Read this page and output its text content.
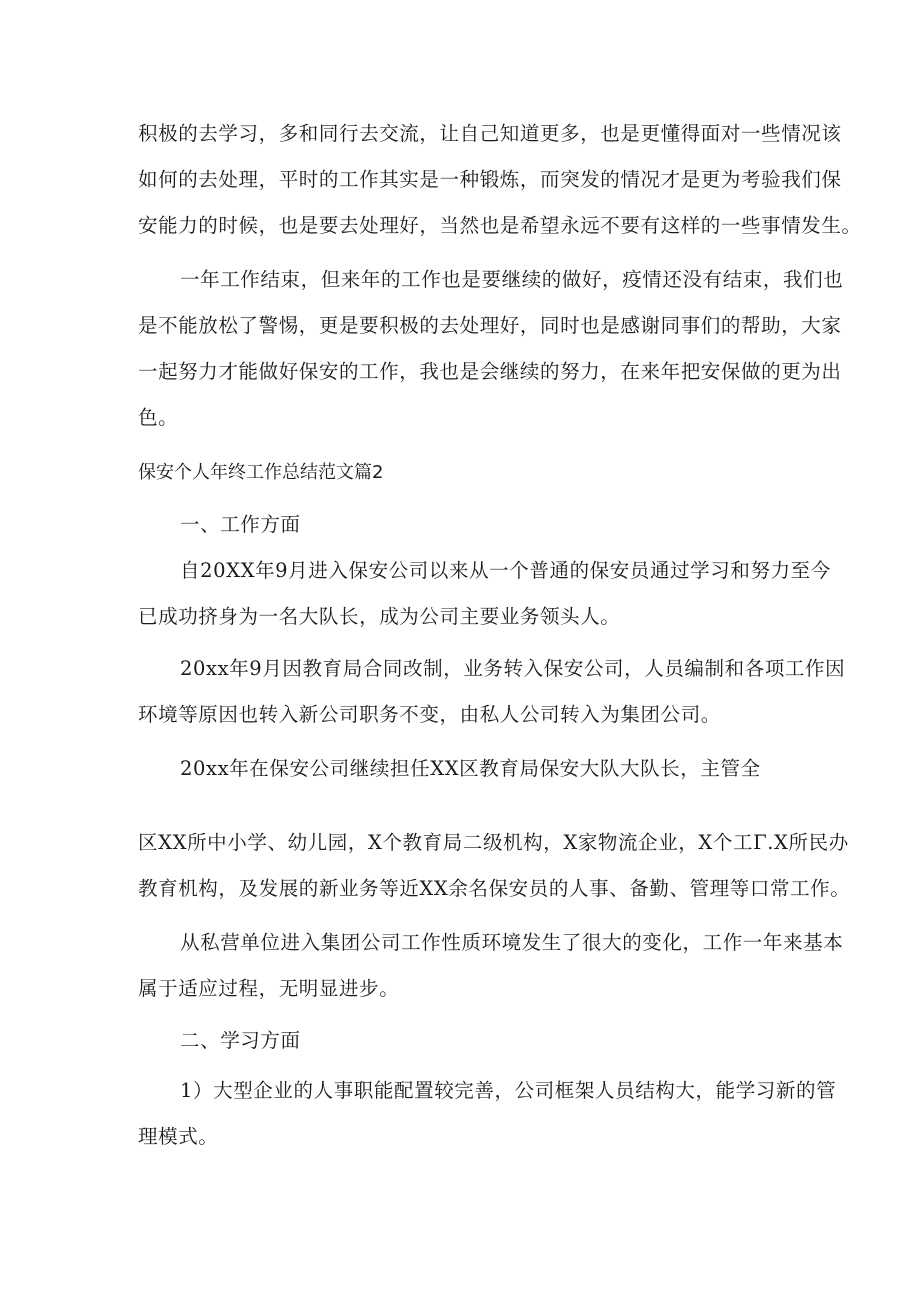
积极的去学习，多和同行去交流，让自己知道更多，也是更懂得面对一些情况该
如何的去处理，平时的工作其实是一种锻炼，而突发的情况才是更为考验我们保
安能力的时候，也是要去处理好，当然也是希望永远不要有这样的一些事情发生。
一年工作结束，但来年的工作也是要继续的做好，疫情还没有结束，我们也
是不能放松了警惕，更是要积极的去处理好，同时也是感谢同事们的帮助，大家
一起努力才能做好保安的工作，我也是会继续的努力，在来年把安保做的更为出
色。
保安个人年终工作总结范文篇2
一、工作方面
自20XX年9月进入保安公司以来从一个普通的保安员通过学习和努力至今
已成功挤身为一名大队长，成为公司主要业务领头人。
20xx年9月因教育局合同改制，业务转入保安公司，人员编制和各项工作因
环境等原因也转入新公司职务不变，由私人公司转入为集团公司。
20xx年在保安公司继续担任XX区教育局保安大队大队长，主管全
区XX所中小学、幼儿园，X个教育局二级机构，X家物流企业，X个工Γ.X所民办
教育机构，及发展的新业务等近XX余名保安员的人事、备勤、管理等口常工作。
从私营单位进入集团公司工作性质环境发生了很大的变化，工作一年来基本
属于适应过程，无明显进步。
二、学习方面
1）大型企业的人事职能配置较完善，公司框架人员结构大，能学习新的管
理模式。
